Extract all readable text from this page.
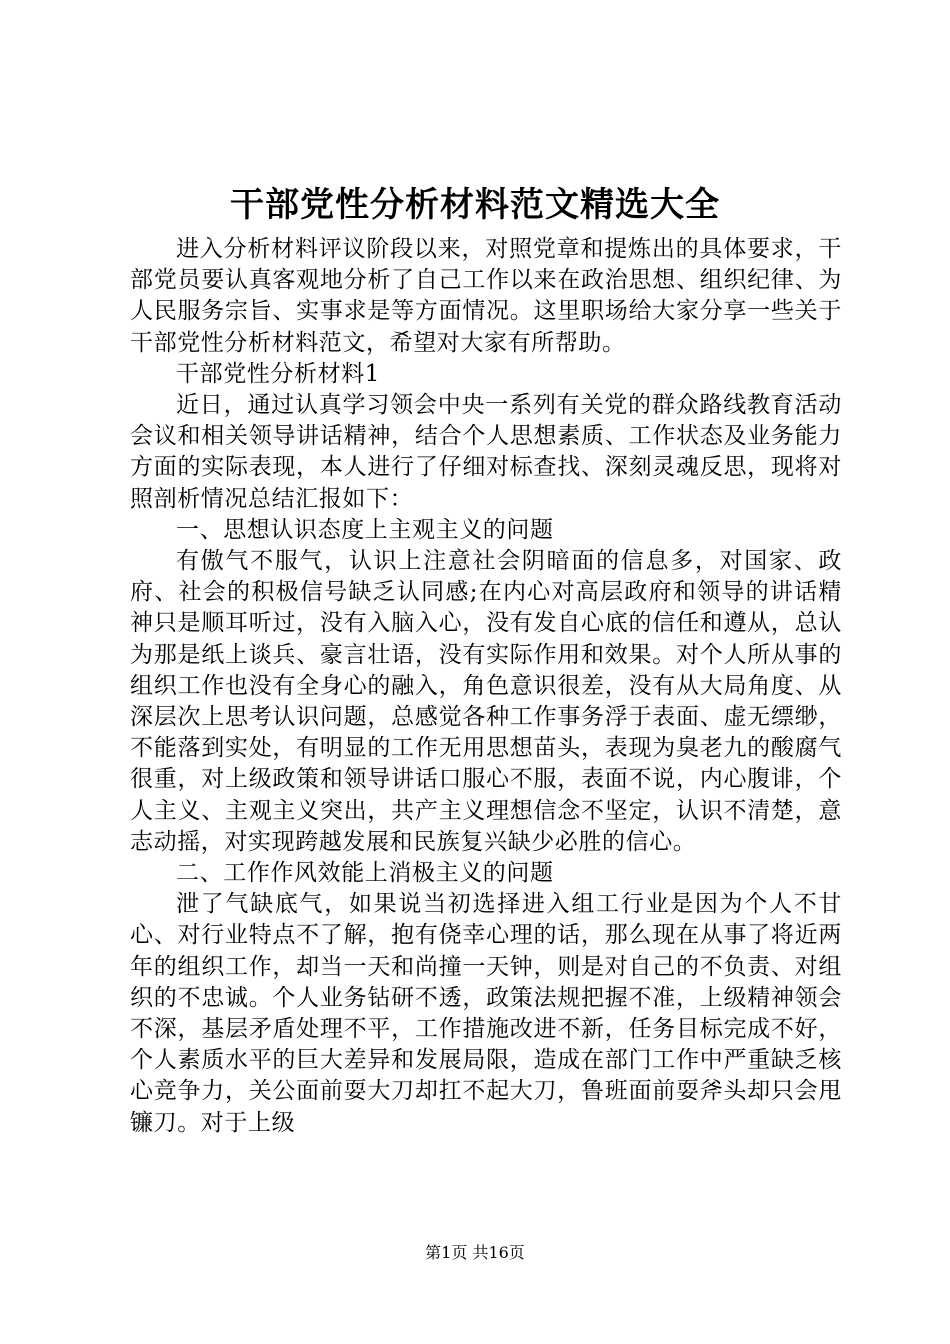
干部党性分析材料范文精选大全

进入分析材料评议阶段以来，对照党章和提炼出的具体要求，干部党员要认真客观地分析了自己工作以来在政治思想、组织纪律、为人民服务宗旨、实事求是等方面情况。这里职场给大家分享一些关于干部党性分析材料范文，希望对大家有所帮助。

干部党性分析材料1

近日，通过认真学习领会中央一系列有关党的群众路线教育活动会议和相关领导讲话精神，结合个人思想素质、工作状态及业务能力方面的实际表现，本人进行了仔细对标查找、深刻灵魂反思，现将对照剖析情况总结汇报如下：

一、思想认识态度上主观主义的问题

有傲气不服气，认识上注意社会阴暗面的信息多，对国家、政府、社会的积极信号缺乏认同感;在内心对高层政府和领导的讲话精神只是顺耳听过，没有入脑入心，没有发自心底的信任和遵从，总认为那是纸上谈兵、豪言壮语，没有实际作用和效果。对个人所从事的组织工作也没有全身心的融入，角色意识很差，没有从大局角度、从深层次上思考认识问题，总感觉各种工作事务浮于表面、虚无缥缈，不能落到实处，有明显的工作无用思想苗头，表现为臭老九的酸腐气很重，对上级政策和领导讲话口服心不服，表面不说，内心腹诽，个人主义、主观主义突出，共产主义理想信念不坚定，认识不清楚，意志动摇，对实现跨越发展和民族复兴缺少必胜的信心。

二、工作作风效能上消极主义的问题

泄了气缺底气，如果说当初选择进入组工行业是因为个人不甘心、对行业特点不了解，抱有侥幸心理的话，那么现在从事了将近两年的组织工作，却当一天和尚撞一天钟，则是对自己的不负责、对组织的不忠诚。个人业务钻研不透，政策法规把握不准，上级精神领会不深，基层矛盾处理不平，工作措施改进不新，任务目标完成不好，个人素质水平的巨大差异和发展局限，造成在部门工作中严重缺乏核心竞争力，关公面前耍大刀却扛不起大刀，鲁班面前耍斧头却只会甩镰刀。对于上级

第1页 共16页
